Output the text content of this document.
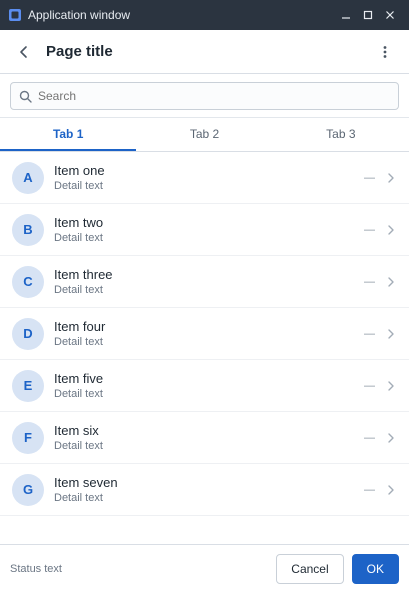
Application window
Page title
Search
Tab 1	Tab 2	Tab 3
A	Item one
Detail text
—
B	Item two
Detail text
—
C	Item three
Detail text
—
D	Item four
Detail text
—
E	Item five
Detail text
—
F	Item six
Detail text
—
G	Item seven
Detail text
—
Status text	Cancel	OK
